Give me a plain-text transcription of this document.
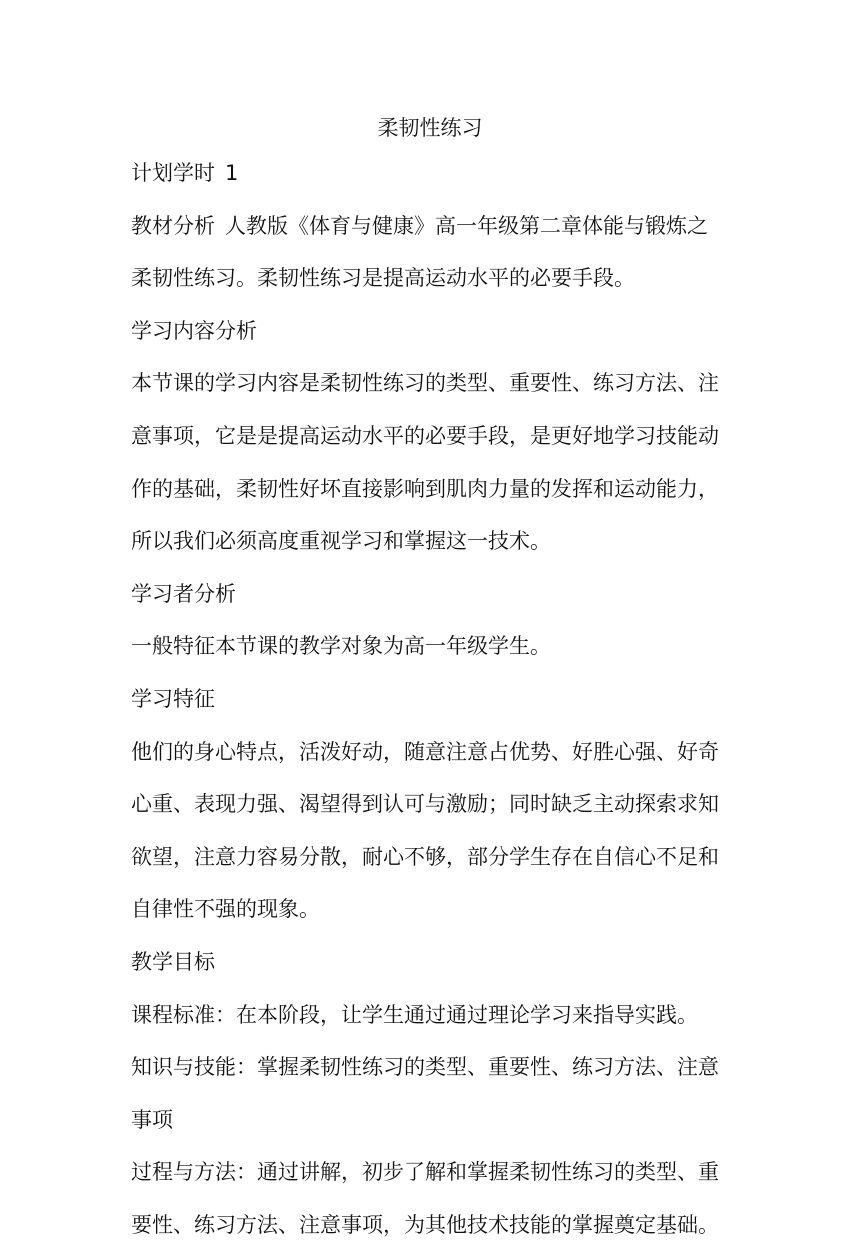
柔韧性练习
计划学时 1
教材分析 人教版《体育与健康》高一年级第二章体能与锻炼之
柔韧性练习。柔韧性练习是提高运动水平的必要手段。
学习内容分析
本节课的学习内容是柔韧性练习的类型、重要性、练习方法、注
意事项，它是是提高运动水平的必要手段，是更好地学习技能动
作的基础，柔韧性好坏直接影响到肌肉力量的发挥和运动能力，
所以我们必须高度重视学习和掌握这一技术。
学习者分析
一般特征本节课的教学对象为高一年级学生。
学习特征
他们的身心特点，活泼好动，随意注意占优势、好胜心强、好奇
心重、表现力强、渴望得到认可与激励；同时缺乏主动探索求知
欲望，注意力容易分散，耐心不够，部分学生存在自信心不足和
自律性不强的现象。
教学目标
课程标准：在本阶段，让学生通过通过理论学习来指导实践。
知识与技能：掌握柔韧性练习的类型、重要性、练习方法、注意
事项
过程与方法：通过讲解，初步了解和掌握柔韧性练习的类型、重
要性、练习方法、注意事项，为其他技术技能的掌握奠定基础。
